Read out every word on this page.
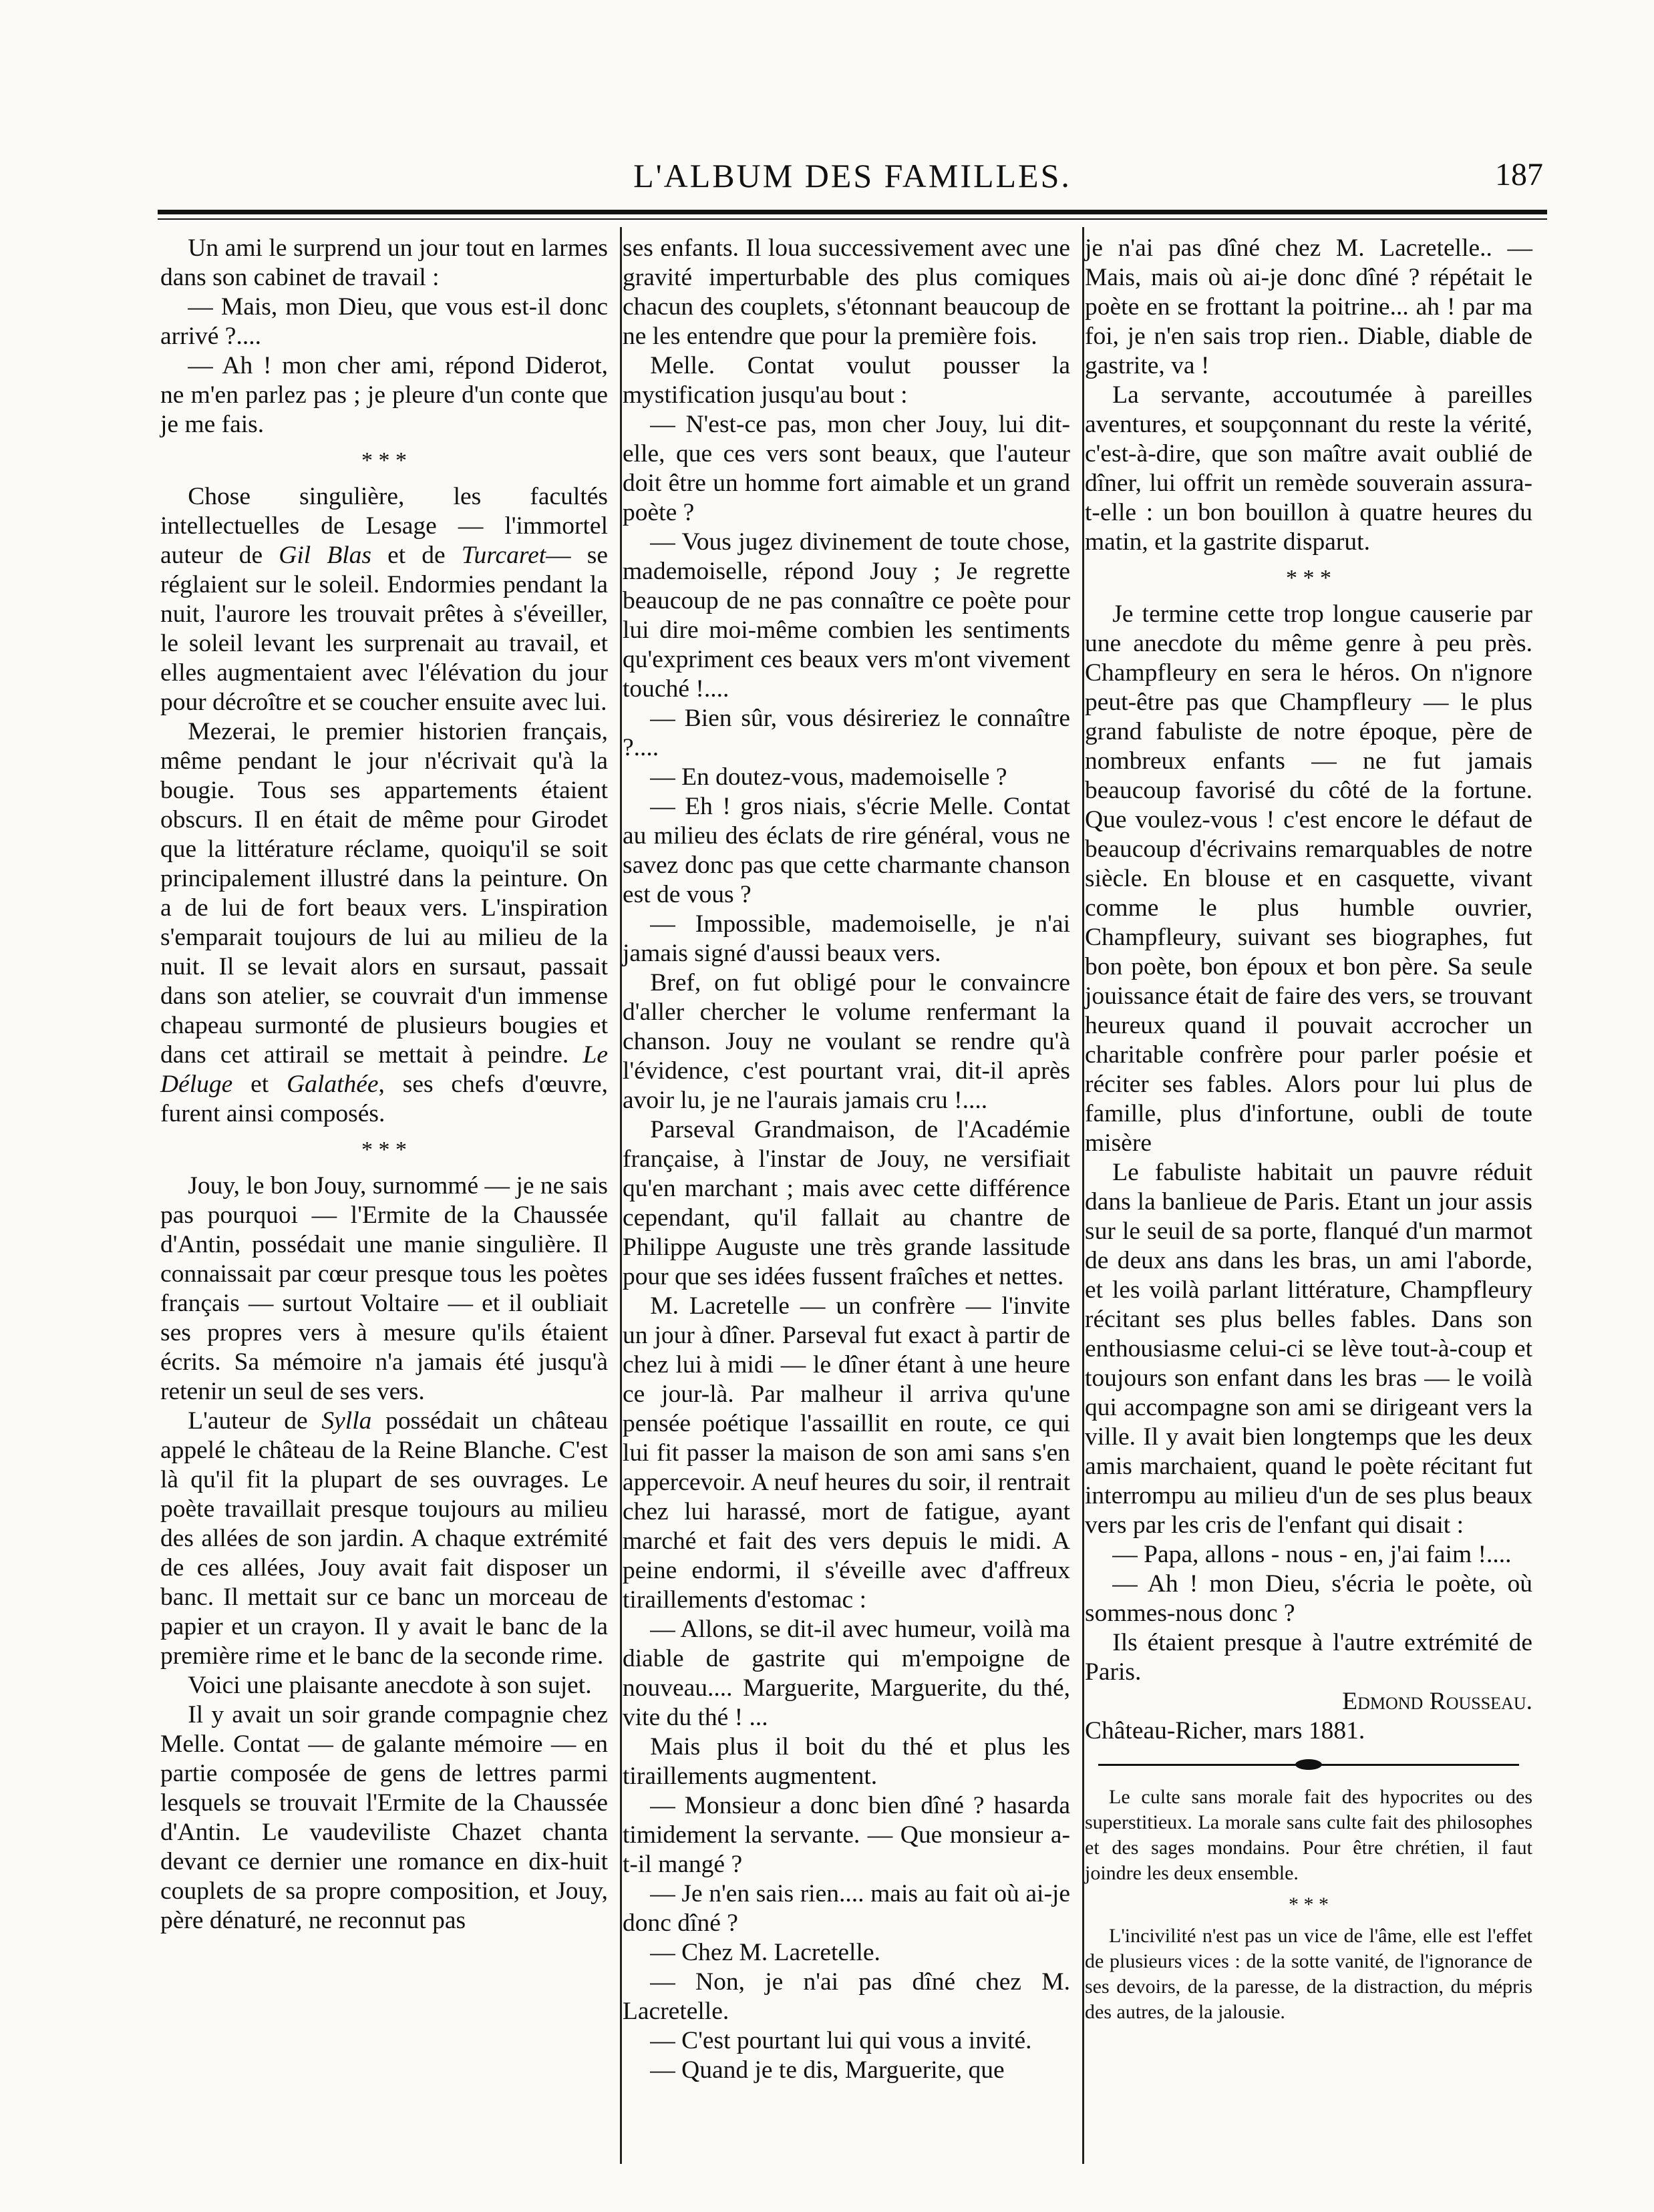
L'ALBUM DES FAMILLES.	187

Un ami le surprend un jour tout en larmes dans son cabinet de travail :

— Mais, mon Dieu, que vous est-il donc arrivé ?....

— Ah ! mon cher ami, répond Diderot, ne m'en parlez pas ; je pleure d'un conte que je me fais.

* * *

Chose singulière, les facultés intellectuelles de Lesage — l'immortel auteur de Gil Blas et de Turcaret— se réglaient sur le soleil. Endormies pendant la nuit, l'aurore les trouvait prêtes à s'éveiller, le soleil levant les surprenait au travail, et elles augmentaient avec l'élévation du jour pour décroître et se coucher ensuite avec lui.

Mezerai, le premier historien français, même pendant le jour n'écrivait qu'à la bougie. Tous ses appartements étaient obscurs. Il en était de même pour Girodet que la littérature réclame, quoiqu'il se soit principalement illustré dans la peinture. On a de lui de fort beaux vers. L'inspiration s'emparait toujours de lui au milieu de la nuit. Il se levait alors en sursaut, passait dans son atelier, se couvrait d'un immense chapeau surmonté de plusieurs bougies et dans cet attirail se mettait à peindre. Le Déluge et Galathée, ses chefs d'œuvre, furent ainsi composés.

* * *

Jouy, le bon Jouy, surnommé — je ne sais pas pourquoi — l'Ermite de la Chaussée d'Antin, possédait une manie singulière. Il connaissait par cœur presque tous les poètes français — surtout Voltaire — et il oubliait ses propres vers à mesure qu'ils étaient écrits. Sa mémoire n'a jamais été jusqu'à retenir un seul de ses vers.

L'auteur de Sylla possédait un château appelé le château de la Reine Blanche. C'est là qu'il fit la plupart de ses ouvrages. Le poète travaillait presque toujours au milieu des allées de son jardin. A chaque extrémité de ces allées, Jouy avait fait disposer un banc. Il mettait sur ce banc un morceau de papier et un crayon. Il y avait le banc de la première rime et le banc de la seconde rime.

Voici une plaisante anecdote à son sujet.

Il y avait un soir grande compagnie chez Melle. Contat — de galante mémoire — en partie composée de gens de lettres parmi lesquels se trouvait l'Ermite de la Chaussée d'Antin. Le vaudeviliste Chazet chanta devant ce dernier une romance en dix-huit couplets de sa propre composition, et Jouy, père dénaturé, ne reconnut pas

ses enfants. Il loua successivement avec une gravité imperturbable des plus comiques chacun des couplets, s'étonnant beaucoup de ne les entendre que pour la première fois.

Melle. Contat voulut pousser la mystification jusqu'au bout :

— N'est-ce pas, mon cher Jouy, lui dit-elle, que ces vers sont beaux, que l'auteur doit être un homme fort aimable et un grand poète ?

— Vous jugez divinement de toute chose, mademoiselle, répond Jouy ; Je regrette beaucoup de ne pas connaître ce poète pour lui dire moi-même combien les sentiments qu'expriment ces beaux vers m'ont vivement touché !....

— Bien sûr, vous désireriez le connaître ?....

— En doutez-vous, mademoiselle ?

— Eh ! gros niais, s'écrie Melle. Contat au milieu des éclats de rire général, vous ne savez donc pas que cette charmante chanson est de vous ?

— Impossible, mademoiselle, je n'ai jamais signé d'aussi beaux vers.

Bref, on fut obligé pour le convaincre d'aller chercher le volume renfermant la chanson. Jouy ne voulant se rendre qu'à l'évidence, c'est pourtant vrai, dit-il après avoir lu, je ne l'aurais jamais cru !....

Parseval Grandmaison, de l'Académie française, à l'instar de Jouy, ne versifiait qu'en marchant ; mais avec cette différence cependant, qu'il fallait au chantre de Philippe Auguste une très grande lassitude pour que ses idées fussent fraîches et nettes.

M. Lacretelle — un confrère — l'invite un jour à dîner. Parseval fut exact à partir de chez lui à midi — le dîner étant à une heure ce jour-là. Par malheur il arriva qu'une pensée poétique l'assaillit en route, ce qui lui fit passer la maison de son ami sans s'en appercevoir. A neuf heures du soir, il rentrait chez lui harassé, mort de fatigue, ayant marché et fait des vers depuis le midi. A peine endormi, il s'éveille avec d'affreux tiraillements d'estomac :

— Allons, se dit-il avec humeur, voilà ma diable de gastrite qui m'empoigne de nouveau.... Marguerite, Marguerite, du thé, vite du thé ! ...

Mais plus il boit du thé et plus les tiraillements augmentent.

— Monsieur a donc bien dîné ? hasarda timidement la servante. — Que monsieur a-t-il mangé ?

— Je n'en sais rien.... mais au fait où ai-je donc dîné ?

— Chez M. Lacretelle.

— Non, je n'ai pas dîné chez M. Lacretelle.

— C'est pourtant lui qui vous a invité.

— Quand je te dis, Marguerite, que

je n'ai pas dîné chez M. Lacretelle.. — Mais, mais où ai-je donc dîné ? répétait le poète en se frottant la poitrine... ah ! par ma foi, je n'en sais trop rien.. Diable, diable de gastrite, va !

La servante, accoutumée à pareilles aventures, et soupçonnant du reste la vérité, c'est-à-dire, que son maître avait oublié de dîner, lui offrit un remède souverain assura-t-elle : un bon bouillon à quatre heures du matin, et la gastrite disparut.

* * *

Je termine cette trop longue causerie par une anecdote du même genre à peu près. Champfleury en sera le héros. On n'ignore peut-être pas que Champfleury — le plus grand fabuliste de notre époque, père de nombreux enfants — ne fut jamais beaucoup favorisé du côté de la fortune. Que voulez-vous ! c'est encore le défaut de beaucoup d'écrivains remarquables de notre siècle. En blouse et en casquette, vivant comme le plus humble ouvrier, Champfleury, suivant ses biographes, fut bon poète, bon époux et bon père. Sa seule jouissance était de faire des vers, se trouvant heureux quand il pouvait accrocher un charitable confrère pour parler poésie et réciter ses fables. Alors pour lui plus de famille, plus d'infortune, oubli de toute misère

Le fabuliste habitait un pauvre réduit dans la banlieue de Paris. Etant un jour assis sur le seuil de sa porte, flanqué d'un marmot de deux ans dans les bras, un ami l'aborde, et les voilà parlant littérature, Champfleury récitant ses plus belles fables. Dans son enthousiasme celui-ci se lève tout-à-coup et toujours son enfant dans les bras — le voilà qui accompagne son ami se dirigeant vers la ville. Il y avait bien longtemps que les deux amis marchaient, quand le poète récitant fut interrompu au milieu d'un de ses plus beaux vers par les cris de l'enfant qui disait :

— Papa, allons - nous - en, j'ai faim !....

— Ah ! mon Dieu, s'écria le poète, où sommes-nous donc ?

Ils étaient presque à l'autre extrémité de Paris.

Edmond Rousseau.

Château-Richer, mars 1881.

Le culte sans morale fait des hypocrites ou des superstitieux. La morale sans culte fait des philosophes et des sages mondains. Pour être chrétien, il faut joindre les deux ensemble.

* * *

L'incivilité n'est pas un vice de l'âme, elle est l'effet de plusieurs vices : de la sotte vanité, de l'ignorance de ses devoirs, de la paresse, de la distraction, du mépris des autres, de la jalousie.
